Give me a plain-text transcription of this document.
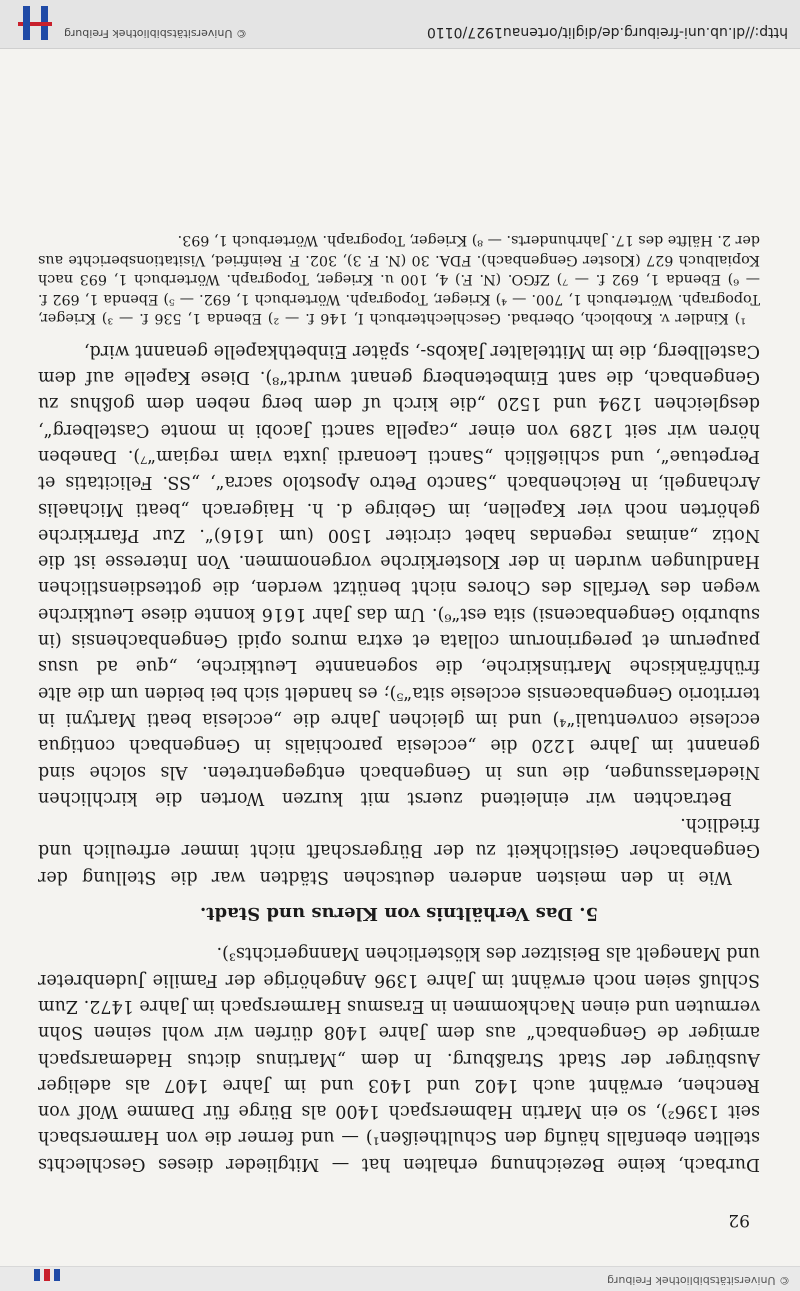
© Universitätsbibliothek Freiburg
92

Durbach, keine Bezeichnung erhalten hat — Mitglieder dieses Geschlechts stellten ebenfalls häufig den Schultheißen¹) — und ferner die von Harmersbach seit 1396²), so ein Martin Habmerspach 1400 als Bürge für Damme Wolf von Renchen, erwähnt auch 1402 und 1403 und im Jahre 1407 als adeliger Ausbürger der Stadt Straßburg. In dem „Martinus dictus Hademarspach armiger de Gengenbach“ aus dem Jahre 1408 dürfen wir wohl seinen Sohn vermuten und einen Nachkommen in Erasmus Harmerspach im Jahre 1472. Zum Schluß seien noch erwähnt im Jahre 1396 Angehörige der Familie Judenbreter und Manegelt als Beisitzer des klösterlichen Manngerichts³).

5. Das Verhältnis von Klerus und Stadt.

Wie in den meisten anderen deutschen Städten war die Stellung der Gengenbacher Geistlichkeit zu der Bürgerschaft nicht immer erfreulich und friedlich.

Betrachten wir einleitend zuerst mit kurzen Worten die kirchlichen Niederlassungen, die uns in Gengenbach entgegentreten. Als solche sind genannt im Jahre 1220 die „ecclesia parochialis in Gengenbach contigua ecclesie conventuali“⁴) und im gleichen Jahre die „ecclesia beati Martyni in territorio Gengenbacensis ecclesie sita“⁵); es handelt sich bei beiden um die alte frühfränkische Martinskirche, die sogenannte Leutkirche, „que ad usus pauperum et peregrinorum collata et extra muros opidi Gengenbachensis (in suburbio Gengenbacensi) sita est“⁶). Um das Jahr 1616 konnte diese Leutkirche wegen des Verfalls des Chores nicht benützt werden, die gottesdienstlichen Handlungen wurden in der Klosterkirche vorgenommen. Von Interesse ist die Notiz „animas regendas habet circiter 1500 (um 1616)“. Zur Pfarrkirche gehörten noch vier Kapellen, im Gebirge d. h. Haigerach „beati Michaelis Archangeli, in Reichenbach „Sancto Petro Apostolo sacra“, „SS. Felicitatis et Perpetuae“, und schließlich „Sancti Leonardi juxta viam regiam“⁷). Daneben hören wir seit 1289 von einer „capella sancti Jacobi in monte Castelberg“, desgleichen 1294 und 1520 „die kirch uf dem berg neben dem goßhus zu Gengenbach, die sant Eimbetenberg genant wurdt“⁸). Diese Kapelle auf dem Castellberg, die im Mittelalter Jakobs-, später Einbethkapelle genannt wird,

¹) Kindler v. Knobloch, Oberbad. Geschlechterbuch I, 146 f. — ²) Ebenda 1, 536 f. — ³) Krieger, Topograph. Wörterbuch 1, 700. — ⁴) Krieger, Topograph. Wörterbuch 1, 692. — ⁵) Ebenda 1, 692 f. — ⁶) Ebenda 1, 692 f. — ⁷) ZfGO. (N. F.) 4, 100 u. Krieger, Topograph. Wörterbuch 1, 693 nach Kopialbuch 627 (Kloster Gengenbach). FDA. 30 (N. F. 3), 302. F. Reinfried, Visitationsberichte aus der 2. Hälfte des 17. Jahrhunderts. — ⁸) Krieger, Topograph. Wörterbuch 1, 693.

http://dl.ub.uni-freiburg.de/diglit/ortenau1927/0110
© Universitätsbibliothek Freiburg
